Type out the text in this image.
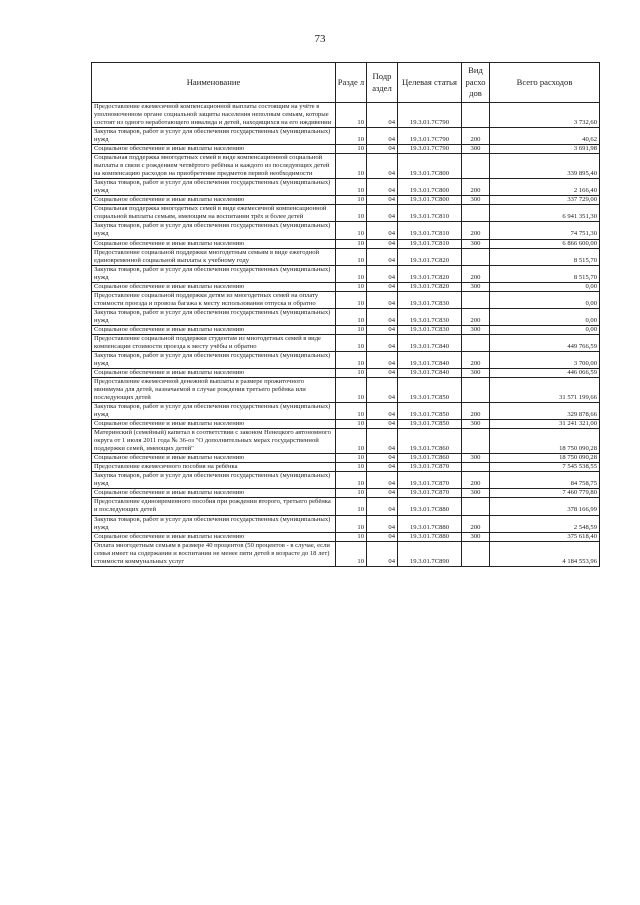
73
Наименование	Разде л	Подр аздел	Целевая статья	Вид расхо дов	Всего расходов
Предоставление ежемесячной компенсационной выплаты состоящим на учёте в уполномоченном органе социальной защиты населения неполным семьям, которые состоят из одного неработающего инвалида и детей, находящихся на его иждивении	10	04	19.3.01.7С790		3 732,60
Закупка товаров, работ и услуг для обеспечения государственных (муниципальных) нужд	10	04	19.3.01.7С790	200	40,62
Социальное обеспечение и иные выплаты населению	10	04	19.3.01.7С790	300	3 691,98
Социальная поддержка многодетных семей в виде компенсационной социальной выплаты в связи с рождением четвёртого ребёнка и каждого из последующих детей на компенсацию расходов на приобретение предметов первой необходимости	10	04	19.3.01.7С800		339 895,40
Закупка товаров, работ и услуг для обеспечения государственных (муниципальных) нужд	10	04	19.3.01.7С800	200	2 166,40
Социальное обеспечение и иные выплаты населению	10	04	19.3.01.7С800	300	337 729,00
Социальная поддержка многодетных семей в виде ежемесячной компенсационной социальной выплаты семьям, имеющим на воспитании трёх и более детей	10	04	19.3.01.7С810		6 941 351,30
Закупка товаров, работ и услуг для обеспечения государственных (муниципальных) нужд	10	04	19.3.01.7С810	200	74 751,30
Социальное обеспечение и иные выплаты населению	10	04	19.3.01.7С810	300	6 866 600,00
Предоставление социальной поддержки многодетным семьям в виде ежегодной единовременной социальной выплаты к учебному году	10	04	19.3.01.7С820		8 515,70
Закупка товаров, работ и услуг для обеспечения государственных (муниципальных) нужд	10	04	19.3.01.7С820	200	8 515,70
Социальное обеспечение и иные выплаты населению	10	04	19.3.01.7С820	300	0,00
Предоставление социальной поддержки детям из многодетных семей на оплату стоимости проезда и провоза багажа к месту использования отпуска и обратно	10	04	19.3.01.7С830		0,00
Закупка товаров, работ и услуг для обеспечения государственных (муниципальных) нужд	10	04	19.3.01.7С830	200	0,00
Социальное обеспечение и иные выплаты населению	10	04	19.3.01.7С830	300	0,00
Предоставление социальной поддержки студентам из многодетных семей в виде компенсации стоимости проезда к месту учёбы и обратно	10	04	19.3.01.7С840		449 766,59
Закупка товаров, работ и услуг для обеспечения государственных (муниципальных) нужд	10	04	19.3.01.7С840	200	3 700,00
Социальное обеспечение и иные выплаты населению	10	04	19.3.01.7С840	300	446 066,59
Предоставление ежемесячной денежной выплаты в размере прожиточного минимума для детей, назначаемой в случае рождения третьего ребёнка или последующих детей	10	04	19.3.01.7С850		31 571 199,66
Закупка товаров, работ и услуг для обеспечения государственных (муниципальных) нужд	10	04	19.3.01.7С850	200	329 878,66
Социальное обеспечение и иные выплаты населению	10	04	19.3.01.7С850	300	31 241 321,00
Материнский (семейный) капитал в соответствии с законом Ненецкого автономного округа от 1 июля 2011 года № 36-оз "О дополнительных мерах государственной поддержки семей, имеющих детей"	10	04	19.3.01.7С860		18 750 090,28
Социальное обеспечение и иные выплаты населению	10	04	19.3.01.7С860	300	18 750 090,28
Предоставление ежемесячного пособия на ребёнка	10	04	19.3.01.7С870		7 545 538,55
Закупка товаров, работ и услуг для обеспечения государственных (муниципальных) нужд	10	04	19.3.01.7С870	200	84 758,75
Социальное обеспечение и иные выплаты населению	10	04	19.3.01.7С870	300	7 460 779,80
Предоставление единовременного пособия при рождении второго, третьего ребёнка и последующих детей	10	04	19.3.01.7С880		378 166,99
Закупка товаров, работ и услуг для обеспечения государственных (муниципальных) нужд	10	04	19.3.01.7С880	200	2 548,59
Социальное обеспечение и иные выплаты населению	10	04	19.3.01.7С880	300	375 618,40
Оплата многодетным семьям в размере 40 процентов (50 процентов - в случае, если семья имеет на содержании и воспитании не менее пяти детей в возрасте до 18 лет) стоимости коммунальных услуг	10	04	19.3.01.7С890		4 184 553,96
